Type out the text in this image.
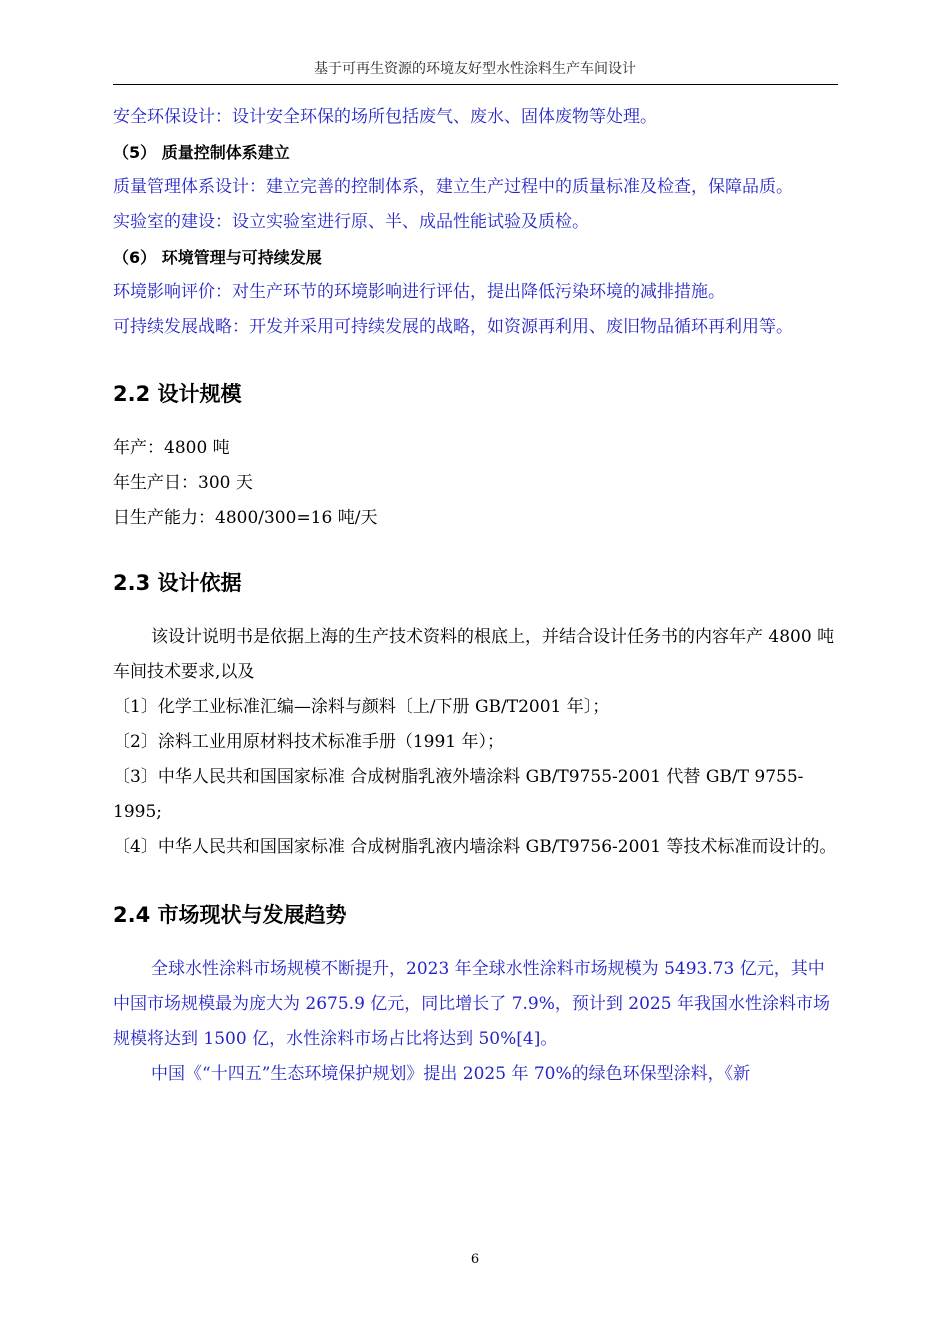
基于可再生资源的环境友好型水性涂料生产车间设计

安全环保设计：设计安全环保的场所包括废气、废水、固体废物等处理。

（5） 质量控制体系建立

质量管理体系设计：建立完善的控制体系，建立生产过程中的质量标准及检查，保障品质。

实验室的建设：设立实验室进行原、半、成品性能试验及质检。

（6） 环境管理与可持续发展

环境影响评价：对生产环节的环境影响进行评估，提出降低污染环境的减排措施。

可持续发展战略：开发并采用可持续发展的战略，如资源再利用、废旧物品循环再利用等。

2.2 设计规模

年产：4800 吨

年生产日：300 天

日生产能力：4800/300=16 吨/天

2.3 设计依据

该设计说明书是依据上海的生产技术资料的根底上，并结合设计任务书的内容年产 4800 吨车间技术要求,以及

〔1〕化学工业标准汇编—涂料与颜料〔上/下册 GB/T2001 年〕；

〔2〕涂料工业用原材料技术标准手册（1991 年）；

〔3〕中华人民共和国国家标准 合成树脂乳液外墙涂料 GB/T9755-2001 代替 GB/T 9755-1995;

〔4〕中华人民共和国国家标准 合成树脂乳液内墙涂料 GB/T9756-2001 等技术标准而设计的。

2.4 市场现状与发展趋势

全球水性涂料市场规模不断提升，2023 年全球水性涂料市场规模为 5493.73 亿元，其中中国市场规模最为庞大为 2675.9 亿元，同比增长了 7.9%，预计到 2025 年我国水性涂料市场规模将达到 1500 亿，水性涂料市场占比将达到 50%[4]。

中国《“十四五”生态环境保护规划》提出 2025 年 70%的绿色环保型涂料，《新

6
